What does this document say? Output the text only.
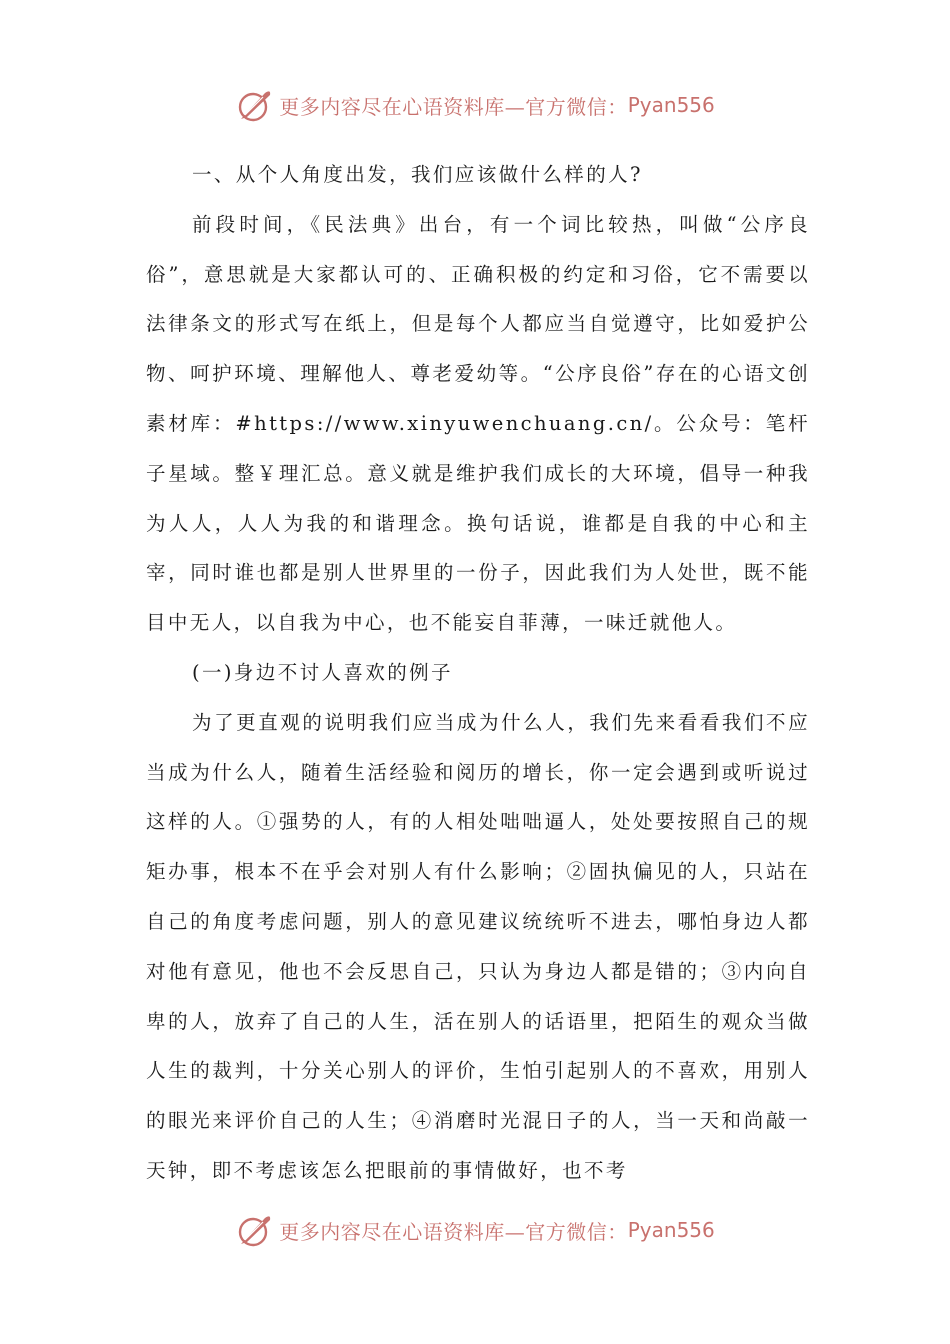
更多内容尽在心语资料库—官方微信： Pyan556

一、从个人角度出发，我们应该做什么样的人?

前段时间，《民法典》出台，有一个词比较热，叫做“公序良俗”，意思就是大家都认可的、正确积极的约定和习俗，它不需要以法律条文的形式写在纸上，但是每个人都应当自觉遵守，比如爱护公物、呵护环境、理解他人、尊老爱幼等。“公序良俗”存在的心语文创素材库：#https://www.xinyuwenchuang.cn/。公众号：笔杆子星域。整￥理汇总。意义就是维护我们成长的大环境，倡导一种我为人人，人人为我的和谐理念。换句话说，谁都是自我的中心和主宰，同时谁也都是别人世界里的一份子，因此我们为人处世，既不能目中无人，以自我为中心，也不能妄自菲薄，一味迁就他人。

(一)身边不讨人喜欢的例子

为了更直观的说明我们应当成为什么人，我们先来看看我们不应当成为什么人，随着生活经验和阅历的增长，你一定会遇到或听说过这样的人。①强势的人，有的人相处咄咄逼人，处处要按照自己的规矩办事，根本不在乎会对别人有什么影响；②固执偏见的人，只站在自己的角度考虑问题，别人的意见建议统统听不进去，哪怕身边人都对他有意见，他也不会反思自己，只认为身边人都是错的；③内向自卑的人，放弃了自己的人生，活在别人的话语里，把陌生的观众当做人生的裁判，十分关心别人的评价，生怕引起别人的不喜欢，用别人的眼光来评价自己的人生；④消磨时光混日子的人，当一天和尚敲一天钟，即不考虑该怎么把眼前的事情做好，也不考

更多内容尽在心语资料库—官方微信： Pyan556
